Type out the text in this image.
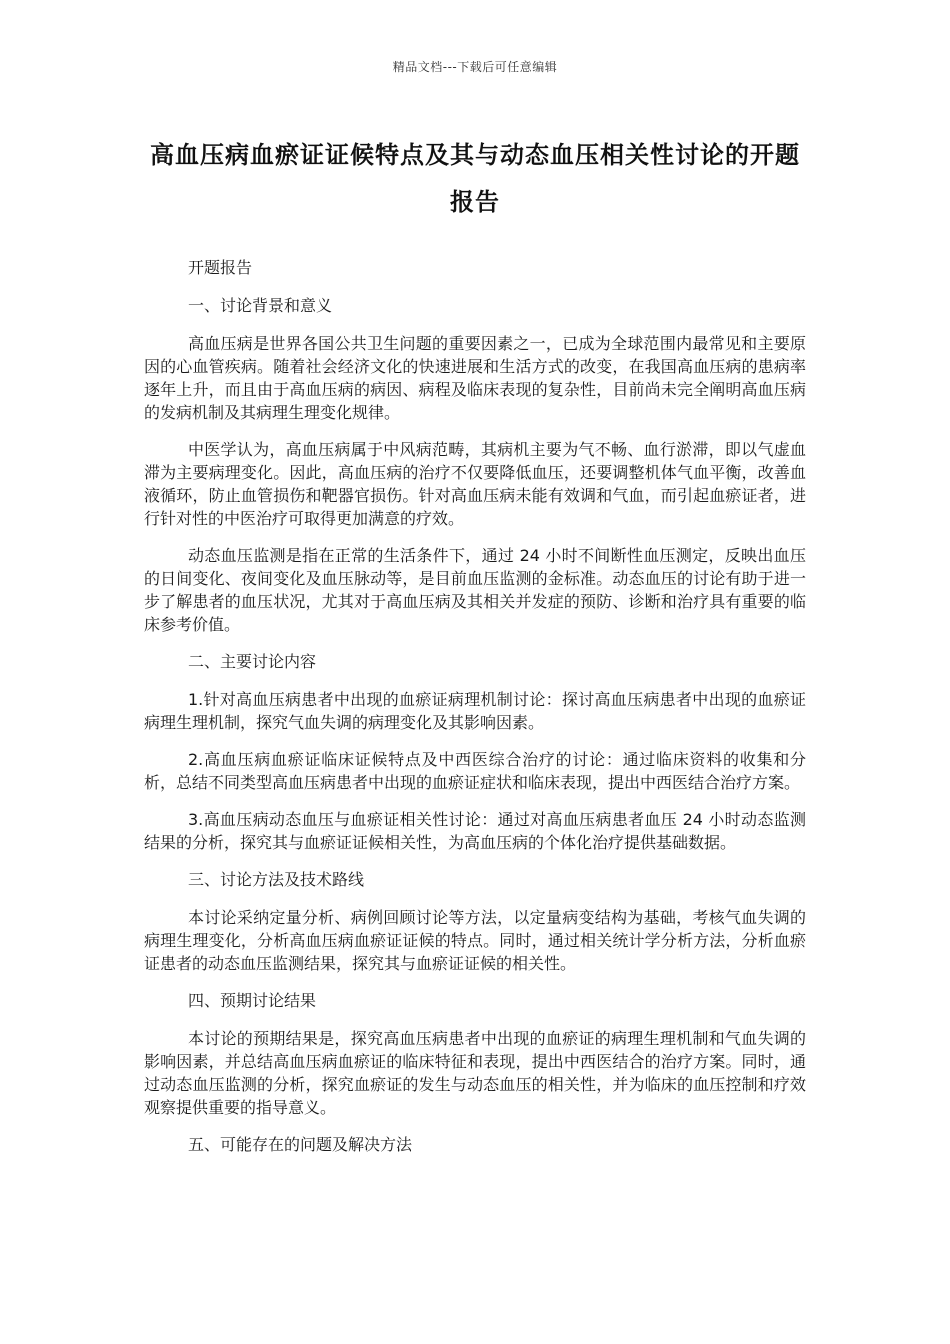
精品文档---下载后可任意编辑
高血压病血瘀证证候特点及其与动态血压相关性讨论的开题报告

开题报告

一、讨论背景和意义

高血压病是世界各国公共卫生问题的重要因素之一，已成为全球范围内最常见和主要原因的心血管疾病。随着社会经济文化的快速进展和生活方式的改变，在我国高血压病的患病率逐年上升，而且由于高血压病的病因、病程及临床表现的复杂性，目前尚未完全阐明高血压病的发病机制及其病理生理变化规律。

中医学认为，高血压病属于中风病范畴，其病机主要为气不畅、血行淤滞，即以气虚血滞为主要病理变化。因此，高血压病的治疗不仅要降低血压，还要调整机体气血平衡，改善血液循环，防止血管损伤和靶器官损伤。针对高血压病未能有效调和气血，而引起血瘀证者，进行针对性的中医治疗可取得更加满意的疗效。

动态血压监测是指在正常的生活条件下，通过 24 小时不间断性血压测定，反映出血压的日间变化、夜间变化及血压脉动等，是目前血压监测的金标准。动态血压的讨论有助于进一步了解患者的血压状况，尤其对于高血压病及其相关并发症的预防、诊断和治疗具有重要的临床参考价值。

二、主要讨论内容

1.针对高血压病患者中出现的血瘀证病理机制讨论：探讨高血压病患者中出现的血瘀证病理生理机制，探究气血失调的病理变化及其影响因素。

2.高血压病血瘀证临床证候特点及中西医综合治疗的讨论：通过临床资料的收集和分析，总结不同类型高血压病患者中出现的血瘀证症状和临床表现，提出中西医结合治疗方案。

3.高血压病动态血压与血瘀证相关性讨论：通过对高血压病患者血压 24 小时动态监测结果的分析，探究其与血瘀证证候相关性，为高血压病的个体化治疗提供基础数据。

三、讨论方法及技术路线

本讨论采纳定量分析、病例回顾讨论等方法，以定量病变结构为基础，考核气血失调的病理生理变化，分析高血压病血瘀证证候的特点。同时，通过相关统计学分析方法，分析血瘀证患者的动态血压监测结果，探究其与血瘀证证候的相关性。

四、预期讨论结果

本讨论的预期结果是，探究高血压病患者中出现的血瘀证的病理生理机制和气血失调的影响因素，并总结高血压病血瘀证的临床特征和表现，提出中西医结合的治疗方案。同时，通过动态血压监测的分析，探究血瘀证的发生与动态血压的相关性，并为临床的血压控制和疗效观察提供重要的指导意义。

五、可能存在的问题及解决方法
